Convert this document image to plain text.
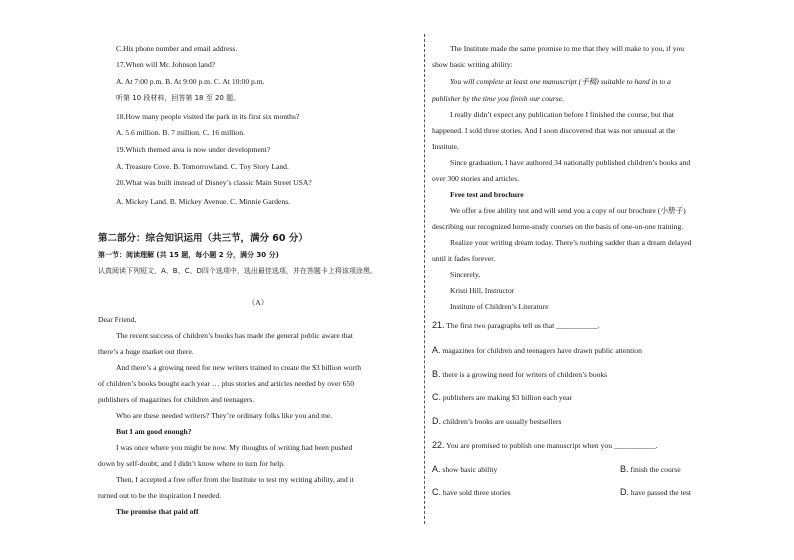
C.His phone number and email address.
17.When will Mr. Johnson land?
A. At 7:00 p.m. B. At 9:00 p.m. C. At 10:00 p.m.
听第 10 段材料，回答第 18 至 20 题。
18.How many people visited the park in its first six months?
A. 5.6 million. B. 7 million. C. 16 million.
19.Which themed area is now under development?
A. Treasure Cove. B. Tomorrowland. C. Toy Story Land.
20.What was built instead of Disney’s classic Main Street USA?
A. Mickey Land. B. Mickey Avenue. C. Minnie Gardens.
第二部分：综合知识运用（共三节，满分 60 分）
第一节：阅读理解 (共 15 题，每小题 2 分，满分 30 分)
认真阅读下列短文，A、B、C、D四个选项中，选出最佳选项，并在答题卡上将该项涂黑。
（A）
Dear Friend,
The recent success of children’s books has made the general public aware that
there’s a huge market out there.
And there’s a growing need for new writers trained to create the $3 billion worth
of children’s books bought each year … plus stories and articles needed by over 650
publishers of magazines for children and teenagers.
Who are these needed writers? They’re ordinary folks like you and me.
But I am good enough?
I was once where you might be now. My thoughts of writing had been pushed
down by self-doubt, and I didn’t know where to turn for help.
Then, I accepted a free offer from the Institute to test my writing ability, and it
turned out to be the inspiration I needed.
The promise that paid off
The Institute made the same promise to me that they will make to you, if you
show basic writing ability:
You will complete at least one manuscript (手稿) suitable to hand in to a
publisher by the time you finish our course.
I really didn’t expect any publication before I finished the course, but that
happened. I sold three stories. And I soon discovered that was not unusual at the
Institute.
Since graduation, I have authored 34 nationally published children’s books and
over 300 stories and articles.
Free test and brochure
We offer a free ability test and will send you a copy of our brochure (小册子)
describing our recognized home-study courses on the basis of one-on-one training.
Realize your writing dream today. There’s nothing sadder than a dream delayed
until it fades forever.
Sincerely,
Kristi Hill, Instructor
Institute of Children’s Literature
21. The first two paragraphs tell us that ___________.
A. magazines for children and teenagers have drawn public attention
B. there is a growing need for writers of children’s books
C. publishers are making $3 billion each year
D. children’s books are usually bestsellers
22. You are promised to publish one manuscript when you ___________.
A. show basic ability	B. finish the course
C. have sold three stories	D. have passed the test
